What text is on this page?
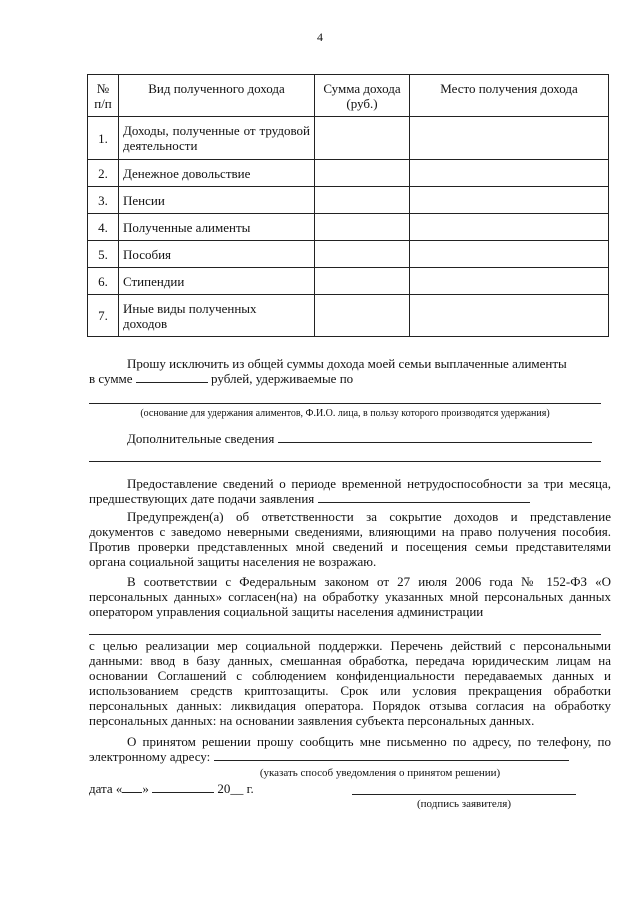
4
№ п/п	Вид полученного дохода	Сумма дохода (руб.)	Место получения дохода
1.	Доходы, полученные от трудовой деятельности		
2.	Денежное довольствие		
3.	Пенсии		
4.	Полученные алименты		
5.	Пособия		
6.	Стипендии		
7.	Иные виды полученных доходов		

Прошу исключить из общей суммы дохода моей семьи выплаченные алименты

в сумме	рублей, удерживаемые по

(основание для удержания алиментов, Ф.И.О. лица, в пользу которого производятся удержания)

Дополнительные сведения

Предоставление сведений о периоде временной нетрудоспособности за три месяца, предшествующих дате подачи заявления

Предупрежден(а) об ответственности за сокрытие доходов и представление документов с заведомо неверными сведениями, влияющими на право получения пособия. Против проверки представленных мной сведений и посещения семьи представителями органа социальной защиты населения не возражаю.
В соответствии с Федеральным законом от 27 июля 2006 года № 152-ФЗ «О персональных данных» согласен(на) на обработку указанных мной персональных данных оператором управления социальной защиты населения администрации
с целью реализации мер социальной поддержки. Перечень действий с персональными данными: ввод в базу данных, смешанная обработка, передача юридическим лицам на основании Соглашений с соблюдением конфиденциальности передаваемых данных и использованием средств криптозащиты. Срок или условия прекращения обработки персональных данных: ликвидация оператора. Порядок отзыва согласия на обработку персональных данных: на основании заявления субъекта персональных данных.

О принятом решении прошу сообщить мне письменно по адресу, по телефону, по электронному адресу:

(указать способ уведомления о принятом решении)
дата « »	20__ г.
(подпись заявителя)
